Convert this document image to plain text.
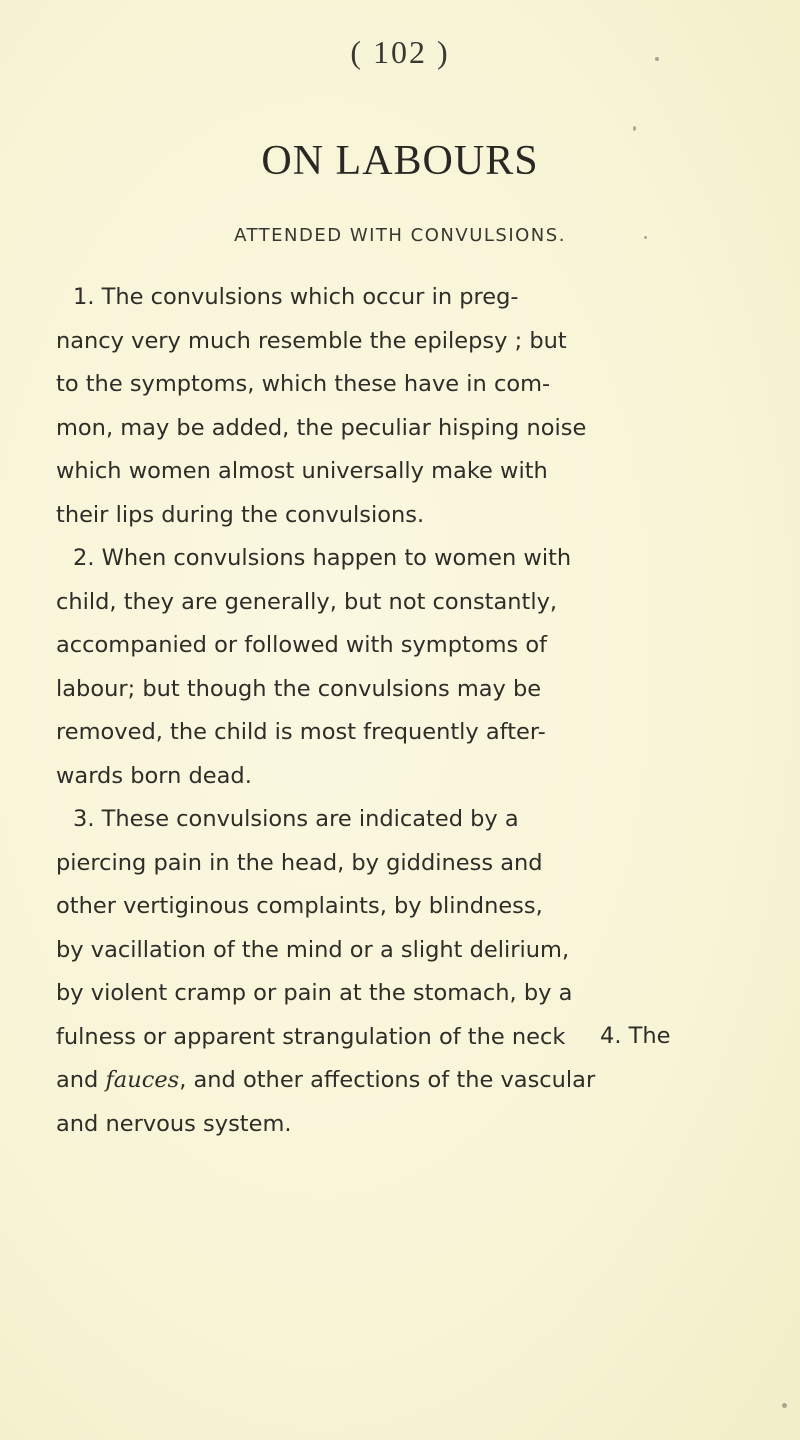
( 102 )
ON LABOURS
ATTENDED WITH CONVULSIONS.
1. The convulsions which occur in preg-
nancy very much resemble the epilepsy ; but
to the symptoms, which these have in com-
mon, may be added, the peculiar hisping noise
which women almost universally make with
their lips during the convulsions.
2. When convulsions happen to women with
child, they are generally, but not constantly,
accompanied or followed with symptoms of
labour; but though the convulsions may be
removed, the child is most frequently after-
wards born dead.
3. These convulsions are indicated by a
piercing pain in the head, by giddiness and
other vertiginous complaints, by blindness,
by vacillation of the mind or a slight delirium,
by violent cramp or pain at the stomach, by a
fulness or apparent strangulation of the neck
and fauces, and other affections of the vascular
and nervous system.
4. The
